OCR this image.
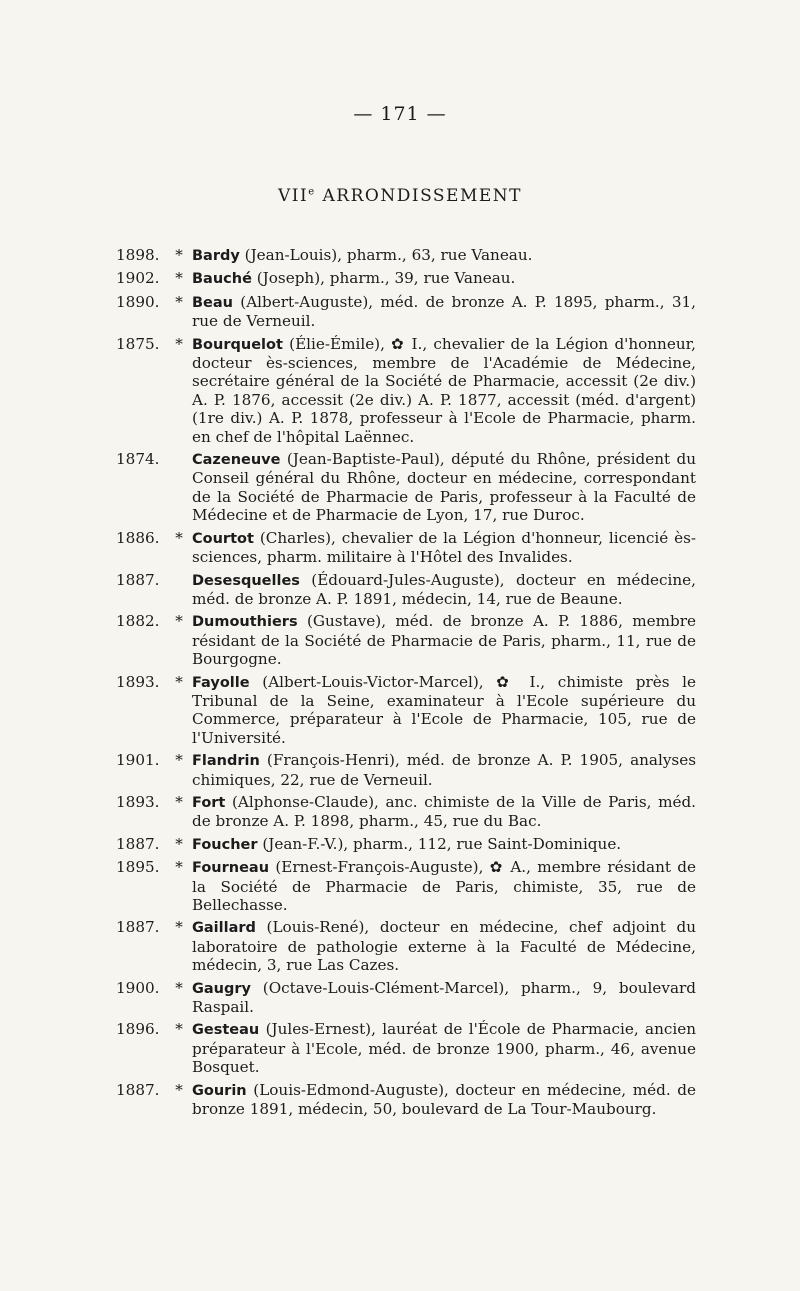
— 171 —
VIIe ARRONDISSEMENT
1898.	* Bardy (Jean-Louis), pharm., 63, rue Vaneau.
1902.	* Bauché (Joseph), pharm., 39, rue Vaneau.
1890.	* Beau (Albert-Auguste), méd. de bronze A. P. 1895, pharm., 31, rue de Verneuil.
1875.	* Bourquelot (Élie-Émile), ✿ I., chevalier de la Légion d'honneur, docteur ès-sciences, membre de l'Académie de Médecine, secrétaire général de la Société de Pharmacie, accessit (2e div.) A. P. 1876, accessit (2e div.) A. P. 1877, accessit (méd. d'argent) (1re div.) A. P. 1878, professeur à l'Ecole de Pharmacie, pharm. en chef de l'hôpital Laënnec.
1874.	Cazeneuve (Jean-Baptiste-Paul), député du Rhône, président du Conseil général du Rhône, docteur en médecine, correspondant de la Société de Pharmacie de Paris, professeur à la Faculté de Médecine et de Pharmacie de Lyon, 17, rue Duroc.
1886.	* Courtot (Charles), chevalier de la Légion d'honneur, licencié ès-sciences, pharm. militaire à l'Hôtel des Invalides.
1887.	Desesquelles (Édouard-Jules-Auguste), docteur en médecine, méd. de bronze A. P. 1891, médecin, 14, rue de Beaune.
1882.	* Dumouthiers (Gustave), méd. de bronze A. P. 1886, membre résidant de la Société de Pharmacie de Paris, pharm., 11, rue de Bourgogne.
1893.	* Fayolle (Albert-Louis-Victor-Marcel), ✿ I., chimiste près le Tribunal de la Seine, examinateur à l'Ecole supérieure du Commerce, préparateur à l'Ecole de Pharmacie, 105, rue de l'Université.
1901.	* Flandrin (François-Henri), méd. de bronze A. P. 1905, analyses chimiques, 22, rue de Verneuil.
1893.	* Fort (Alphonse-Claude), anc. chimiste de la Ville de Paris, méd. de bronze A. P. 1898, pharm., 45, rue du Bac.
1887.	* Foucher (Jean-F.-V.), pharm., 112, rue Saint-Dominique.
1895.	* Fourneau (Ernest-François-Auguste), ✿ A., membre résidant de la Société de Pharmacie de Paris, chimiste, 35, rue de Bellechasse.
1887.	* Gaillard (Louis-René), docteur en médecine, chef adjoint du laboratoire de pathologie externe à la Faculté de Médecine, médecin, 3, rue Las Cazes.
1900.	* Gaugry (Octave-Louis-Clément-Marcel), pharm., 9, boulevard Raspail.
1896.	* Gesteau (Jules-Ernest), lauréat de l'École de Pharmacie, ancien préparateur à l'Ecole, méd. de bronze 1900, pharm., 46, avenue Bosquet.
1887.	* Gourin (Louis-Edmond-Auguste), docteur en médecine, méd. de bronze 1891, médecin, 50, boulevard de La Tour-Maubourg.
